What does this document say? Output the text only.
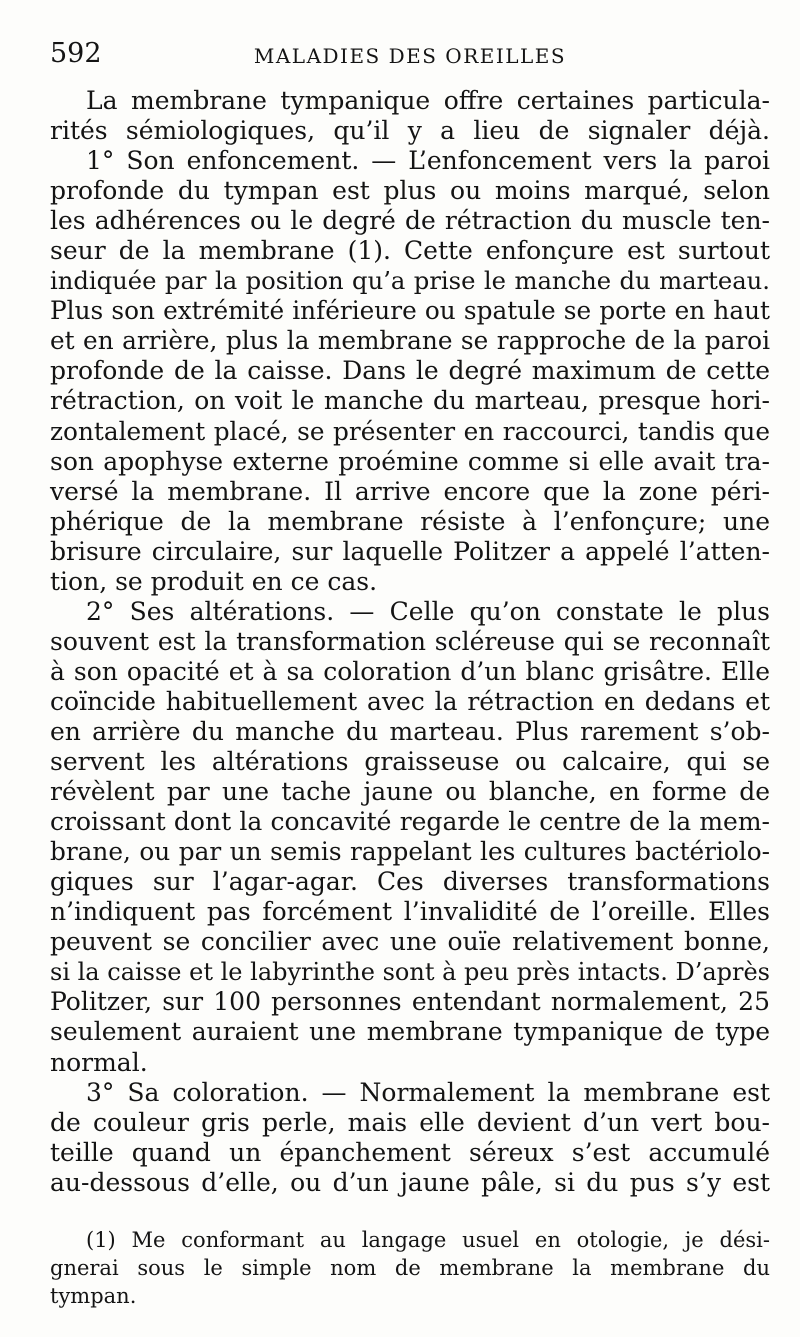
592	MALADIES DES OREILLES
La membrane tympanique offre certaines particula-
rités sémiologiques, qu’il y a lieu de signaler déjà.
1° Son enfoncement. — L’enfoncement vers la paroi
profonde du tympan est plus ou moins marqué, selon
les adhérences ou le degré de rétraction du muscle ten-
seur de la membrane (1). Cette enfonçure est surtout
indiquée par la position qu’a prise le manche du marteau.
Plus son extrémité inférieure ou spatule se porte en haut
et en arrière, plus la membrane se rapproche de la paroi
profonde de la caisse. Dans le degré maximum de cette
rétraction, on voit le manche du marteau, presque hori-
zontalement placé, se présenter en raccourci, tandis que
son apophyse externe proémine comme si elle avait tra-
versé la membrane. Il arrive encore que la zone péri-
phérique de la membrane résiste à l’enfonçure; une
brisure circulaire, sur laquelle Politzer a appelé l’atten-
tion, se produit en ce cas.
2° Ses altérations. — Celle qu’on constate le plus
souvent est la transformation scléreuse qui se reconnaît
à son opacité et à sa coloration d’un blanc grisâtre. Elle
coïncide habituellement avec la rétraction en dedans et
en arrière du manche du marteau. Plus rarement s’ob-
servent les altérations graisseuse ou calcaire, qui se
révèlent par une tache jaune ou blanche, en forme de
croissant dont la concavité regarde le centre de la mem-
brane, ou par un semis rappelant les cultures bactériolo-
giques sur l’agar-agar. Ces diverses transformations
n’indiquent pas forcément l’invalidité de l’oreille. Elles
peuvent se concilier avec une ouïe relativement bonne,
si la caisse et le labyrinthe sont à peu près intacts. D’après
Politzer, sur 100 personnes entendant normalement, 25
seulement auraient une membrane tympanique de type
normal.
3° Sa coloration. — Normalement la membrane est
de couleur gris perle, mais elle devient d’un vert bou-
teille quand un épanchement séreux s’est accumulé
au-dessous d’elle, ou d’un jaune pâle, si du pus s’y est
(1) Me conformant au langage usuel en otologie, je dési-
gnerai sous le simple nom de membrane la membrane du
tympan.
